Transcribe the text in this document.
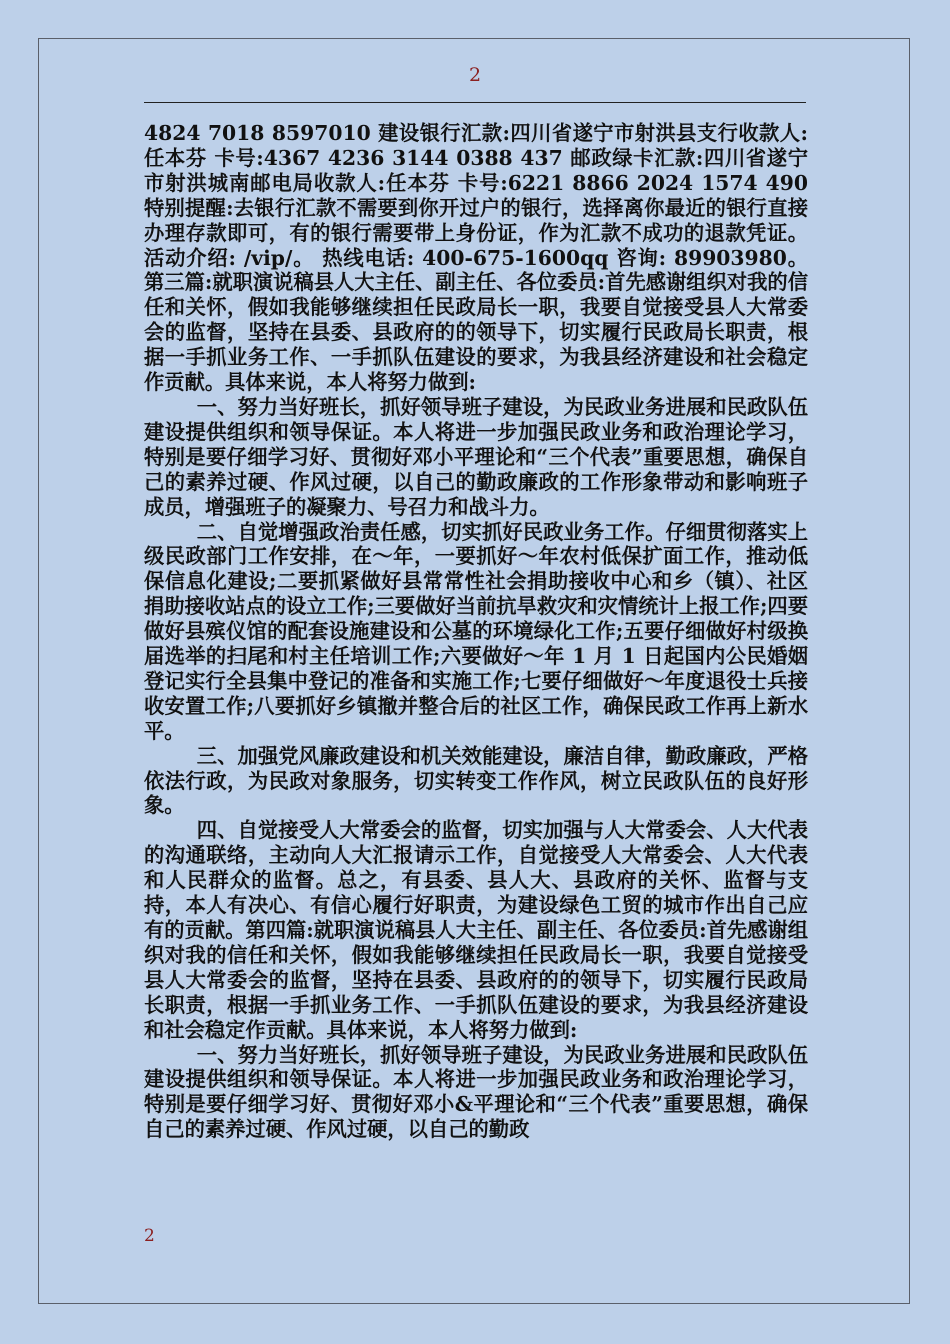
2

4824 7018 8597010 建设银行汇款:四川省遂宁市射洪县支行收款人:任本芬 卡号:4367 4236 3144 0388 437 邮政绿卡汇款:四川省遂宁市射洪城南邮电局收款人:任本芬 卡号:6221 8866 2024 1574 490 特别提醒:去银行汇款不需要到你开过户的银行，选择离你最近的银行直接办理存款即可，有的银行需要带上身份证，作为汇款不成功的退款凭证。活动介绍: /vip/。 热线电话: 400-675-1600qq 咨询: 89903980。第三篇:就职演说稿县人大主任、副主任、各位委员:首先感谢组织对我的信任和关怀，假如我能够继续担任民政局长一职，我要自觉接受县人大常委会的监督，坚持在县委、县政府的的领导下，切实履行民政局长职责，根据一手抓业务工作、一手抓队伍建设的要求，为我县经济建设和社会稳定作贡献。具体来说，本人将努力做到:

一、努力当好班长，抓好领导班子建设，为民政业务进展和民政队伍建设提供组织和领导保证。本人将进一步加强民政业务和政治理论学习，特别是要仔细学习好、贯彻好邓小平理论和“三个代表”重要思想，确保自己的素养过硬、作风过硬，以自己的勤政廉政的工作形象带动和影响班子成员，增强班子的凝聚力、号召力和战斗力。

二、自觉增强政治责任感，切实抓好民政业务工作。仔细贯彻落实上级民政部门工作安排，在～年，一要抓好～年农村低保扩面工作，推动低保信息化建设;二要抓紧做好县常常性社会捐助接收中心和乡（镇）、社区捐助接收站点的设立工作;三要做好当前抗旱救灾和灾情统计上报工作;四要做好县殡仪馆的配套设施建设和公墓的环境绿化工作;五要仔细做好村级换届选举的扫尾和村主任培训工作;六要做好～年 1 月 1 日起国内公民婚姻登记实行全县集中登记的准备和实施工作;七要仔细做好～年度退役士兵接收安置工作;八要抓好乡镇撤并整合后的社区工作，确保民政工作再上新水平。

三、加强党风廉政建设和机关效能建设，廉洁自律，勤政廉政，严格依法行政，为民政对象服务，切实转变工作作风，树立民政队伍的良好形象。

四、自觉接受人大常委会的监督，切实加强与人大常委会、人大代表的沟通联络，主动向人大汇报请示工作，自觉接受人大常委会、人大代表和人民群众的监督。总之，有县委、县人大、县政府的关怀、监督与支持，本人有决心、有信心履行好职责，为建设绿色工贸的城市作出自己应有的贡献。第四篇:就职演说稿县人大主任、副主任、各位委员:首先感谢组织对我的信任和关怀，假如我能够继续担任民政局长一职，我要自觉接受县人大常委会的监督，坚持在县委、县政府的的领导下，切实履行民政局长职责，根据一手抓业务工作、一手抓队伍建设的要求，为我县经济建设和社会稳定作贡献。具体来说，本人将努力做到:

一、努力当好班长，抓好领导班子建设，为民政业务进展和民政队伍建设提供组织和领导保证。本人将进一步加强民政业务和政治理论学习，特别是要仔细学习好、贯彻好邓小&平理论和“三个代表”重要思想，确保自己的素养过硬、作风过硬，以自己的勤政

2
